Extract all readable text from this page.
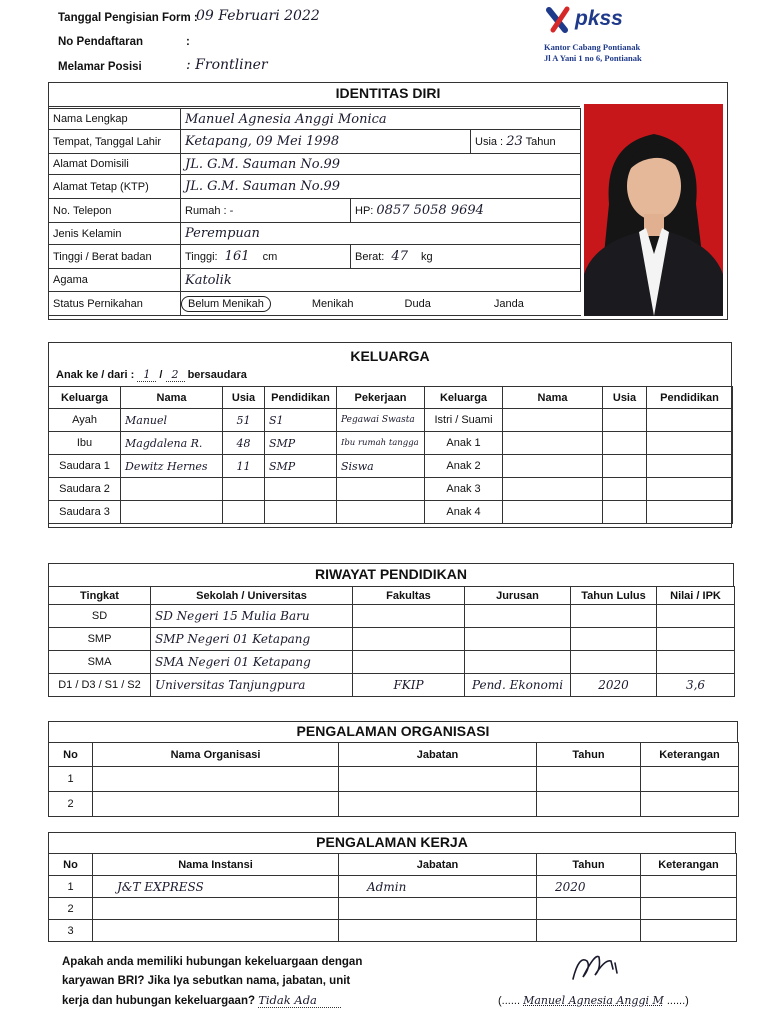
Tanggal Pengisian Form :
09 Februari 2022
No Pendaftaran	:
Melamar Posisi	: Frontliner
pkss
Kantor Cabang Pontianak
Jl A Yani 1 no 6, Pontianak
IDENTITAS DIRI
Nama Lengkap	Manuel Agnesia Anggi Monica		
Tempat, Tanggal Lahir	Ketapang, 09 Mei 1998		Usia : 23 Tahun
Alamat Domisili	JL. G.M. Sauman No.99		
Alamat Tetap (KTP)	JL. G.M. Sauman No.99		
No. Telepon	Rumah : -	HP: 0857 5058 9694	
Jenis Kelamin	Perempuan		
Tinggi / Berat badan	Tinggi: 161 cm	Berat: 47 kg	
Agama	Katolik		
Status Pernikahan	Belum Menikah Menikah Duda Janda		
KELUARGA
Anak ke / dari : 1 / 2 bersaudara
Keluarga	Nama	Usia	Pendidikan	Pekerjaan	Keluarga	Nama	Usia	Pendidikan
Ayah	Manuel	51	S1	Pegawai Swasta	Istri / Suami			
Ibu	Magdalena R.	48	SMP	Ibu rumah tangga	Anak 1			
Saudara 1	Dewitz Hernes	11	SMP	Siswa	Anak 2			
Saudara 2					Anak 3			
Saudara 3					Anak 4			
RIWAYAT PENDIDIKAN
Tingkat	Sekolah / Universitas	Fakultas	Jurusan	Tahun Lulus	Nilai / IPK
SD	SD Negeri 15 Mulia Baru				
SMP	SMP Negeri 01 Ketapang				
SMA	SMA Negeri 01 Ketapang				
D1 / D3 / S1 / S2	Universitas Tanjungpura	FKIP	Pend. Ekonomi	2020	3,6
PENGALAMAN ORGANISASI
No	Nama Organisasi	Jabatan	Tahun	Keterangan
1				
2				
PENGALAMAN KERJA
No	Nama Instansi	Jabatan	Tahun	Keterangan
1	J&T EXPRESS	Admin	2020	
2				
3				
Apakah anda memiliki hubungan kekeluargaan dengan
karyawan BRI? Jika Iya sebutkan nama, jabatan, unit
kerja dan hubungan kekeluargaan? Tidak Ada	(...... Manuel Agnesia Anggi M ......)
